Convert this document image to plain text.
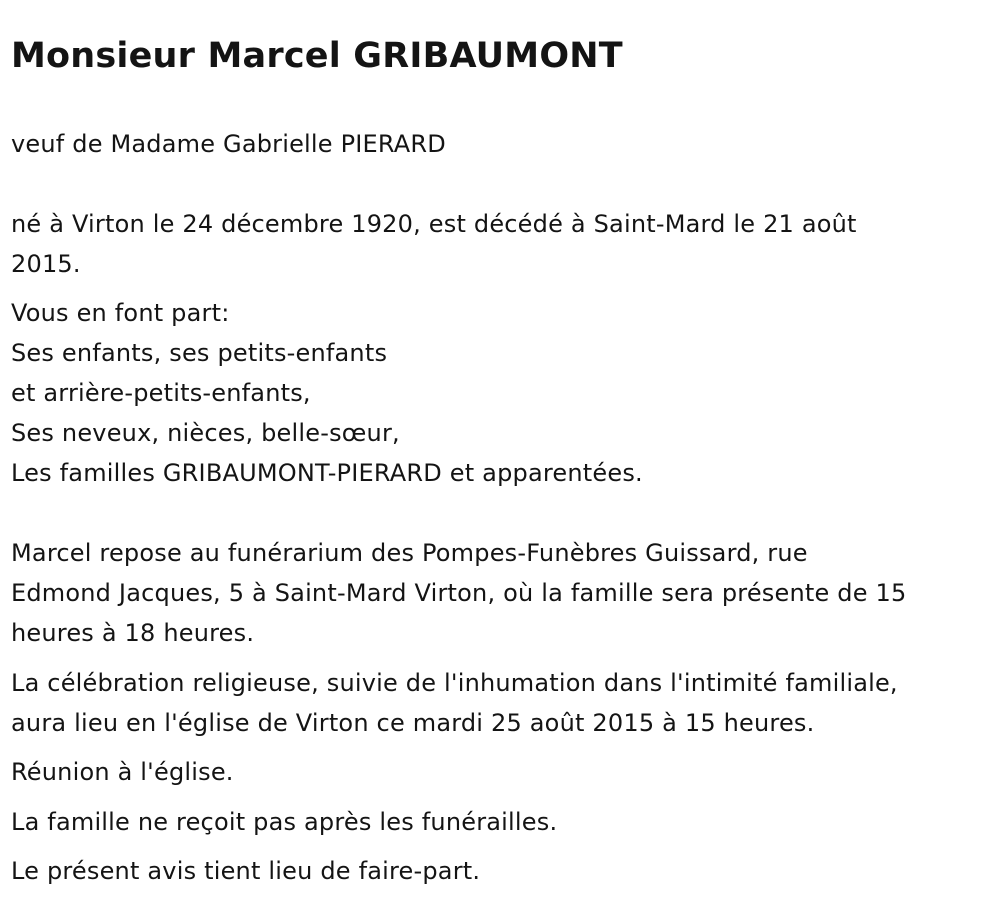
Monsieur Marcel GRIBAUMONT

veuf de Madame Gabrielle PIERARD

né à Virton le 24 décembre 1920, est décédé à Saint-Mard le 21 août

2015.

Vous en font part:

Ses enfants, ses petits-enfants

et arrière-petits-enfants,

Ses neveux, nièces, belle-sœur,

Les familles GRIBAUMONT-PIERARD et apparentées.

Marcel repose au funérarium des Pompes-Funèbres Guissard, rue

Edmond Jacques, 5 à Saint-Mard Virton, où la famille sera présente de 15

heures à 18 heures.

La célébration religieuse, suivie de l'inhumation dans l'intimité familiale,

aura lieu en l'église de Virton ce mardi 25 août 2015 à 15 heures.

Réunion à l'église.

La famille ne reçoit pas après les funérailles.

Le présent avis tient lieu de faire-part.
